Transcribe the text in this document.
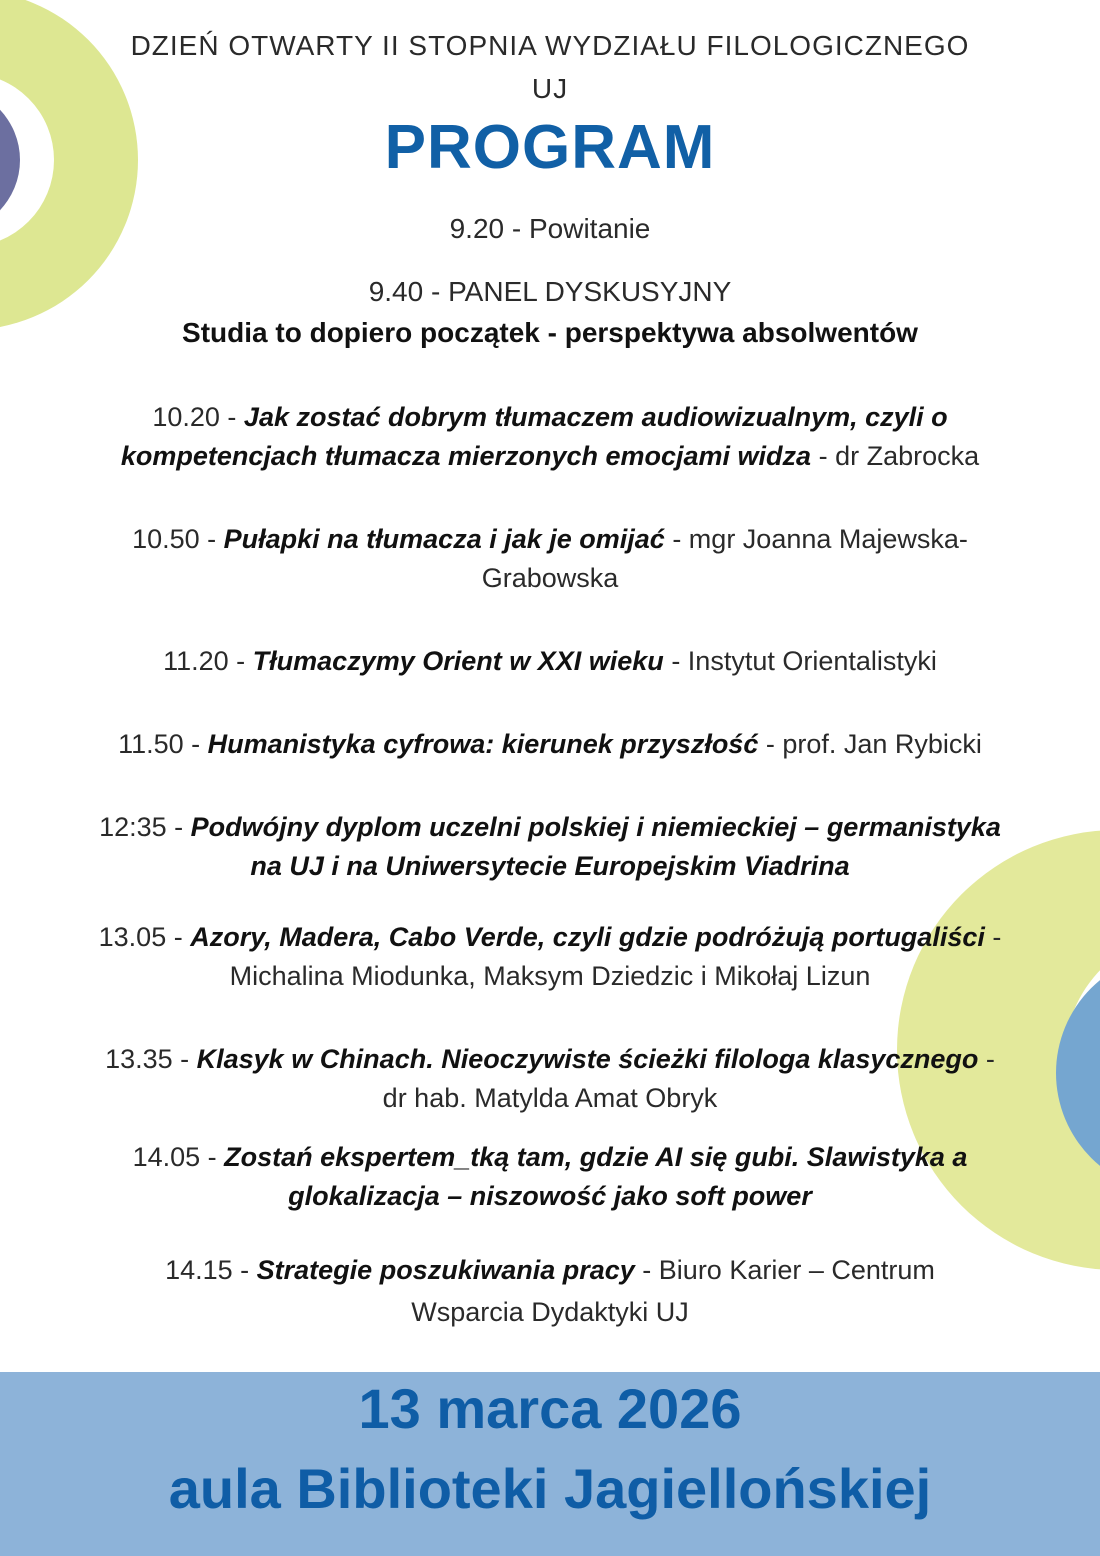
DZIEŃ OTWARTY II STOPNIA WYDZIAŁU FILOLOGICZNEGO
UJ
PROGRAM
9.20 - Powitanie
9.40 - PANEL DYSKUSYJNY
Studia to dopiero początek - perspektywa absolwentów
10.20 - Jak zostać dobrym tłumaczem audiowizualnym, czyli o
kompetencjach tłumacza mierzonych emocjami widza - dr Zabrocka
10.50 - Pułapki na tłumacza i jak je omijać - mgr Joanna Majewska-
Grabowska
11.20 - Tłumaczymy Orient w XXI wieku - Instytut Orientalistyki
11.50 - Humanistyka cyfrowa: kierunek przyszłość - prof. Jan Rybicki
12:35 - Podwójny dyplom uczelni polskiej i niemieckiej – germanistyka
na UJ i na Uniwersytecie Europejskim Viadrina
13.05 - Azory, Madera, Cabo Verde, czyli gdzie podróżują portugaliści -
Michalina Miodunka, Maksym Dziedzic i Mikołaj Lizun
13.35 - Klasyk w Chinach. Nieoczywiste ścieżki filologa klasycznego -
dr hab. Matylda Amat Obryk
14.05 - Zostań ekspertem_tką tam, gdzie AI się gubi. Slawistyka a
glokalizacja – niszowość jako soft power
14.15 - Strategie poszukiwania pracy - Biuro Karier – Centrum
Wsparcia Dydaktyki UJ
13 marca 2026
aula Biblioteki Jagiellońskiej
